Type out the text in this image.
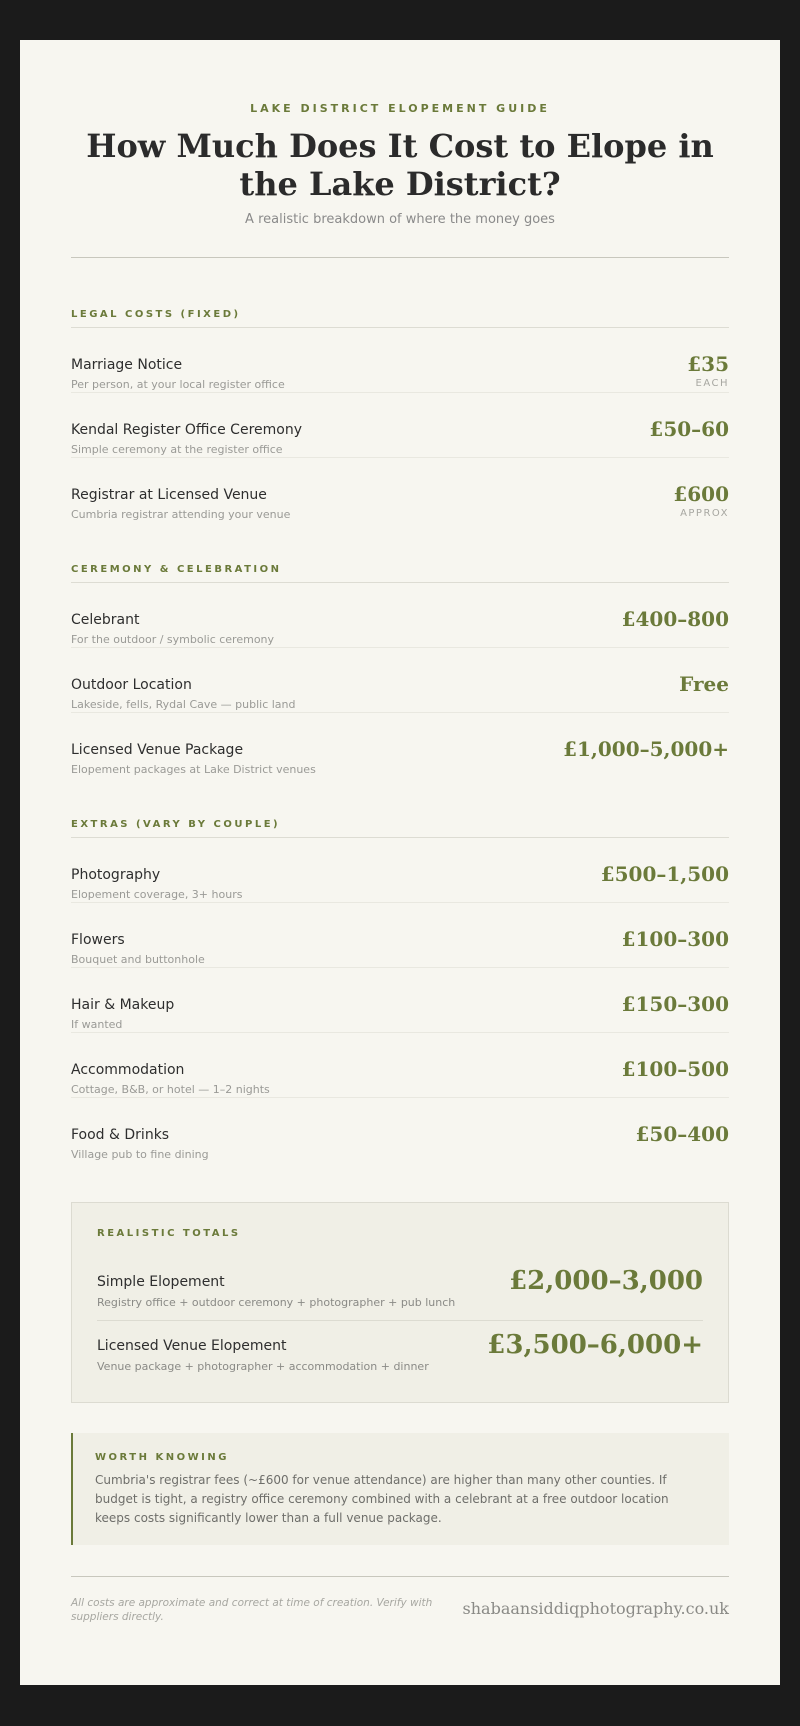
LAKE DISTRICT ELOPEMENT GUIDE
How Much Does It Cost to Elope in the Lake District?
A realistic breakdown of where the money goes
LEGAL COSTS (FIXED)
Marriage Notice
Per person, at your local register office
£35
EACH
Kendal Register Office Ceremony
Simple ceremony at the register office
£50–60
Registrar at Licensed Venue
Cumbria registrar attending your venue
£600
APPROX
CEREMONY & CELEBRATION
Celebrant
For the outdoor / symbolic ceremony
£400–800
Outdoor Location
Lakeside, fells, Rydal Cave — public land
Free
Licensed Venue Package
Elopement packages at Lake District venues
£1,000–5,000+
EXTRAS (VARY BY COUPLE)
Photography
Elopement coverage, 3+ hours
£500–1,500
Flowers
Bouquet and buttonhole
£100–300
Hair & Makeup
If wanted
£150–300
Accommodation
Cottage, B&B, or hotel — 1–2 nights
£100–500
Food & Drinks
Village pub to fine dining
£50–400
REALISTIC TOTALS
Simple Elopement
Registry office + outdoor ceremony + photographer + pub lunch
£2,000–3,000
Licensed Venue Elopement
Venue package + photographer + accommodation + dinner
£3,500–6,000+
WORTH KNOWING
Cumbria's registrar fees (~£600 for venue attendance) are higher than many other counties. If budget is tight, a registry office ceremony combined with a celebrant at a free outdoor location keeps costs significantly lower than a full venue package.
All costs are approximate and correct at time of creation. Verify with suppliers directly.	shabaansiddiqphotography.co.uk
